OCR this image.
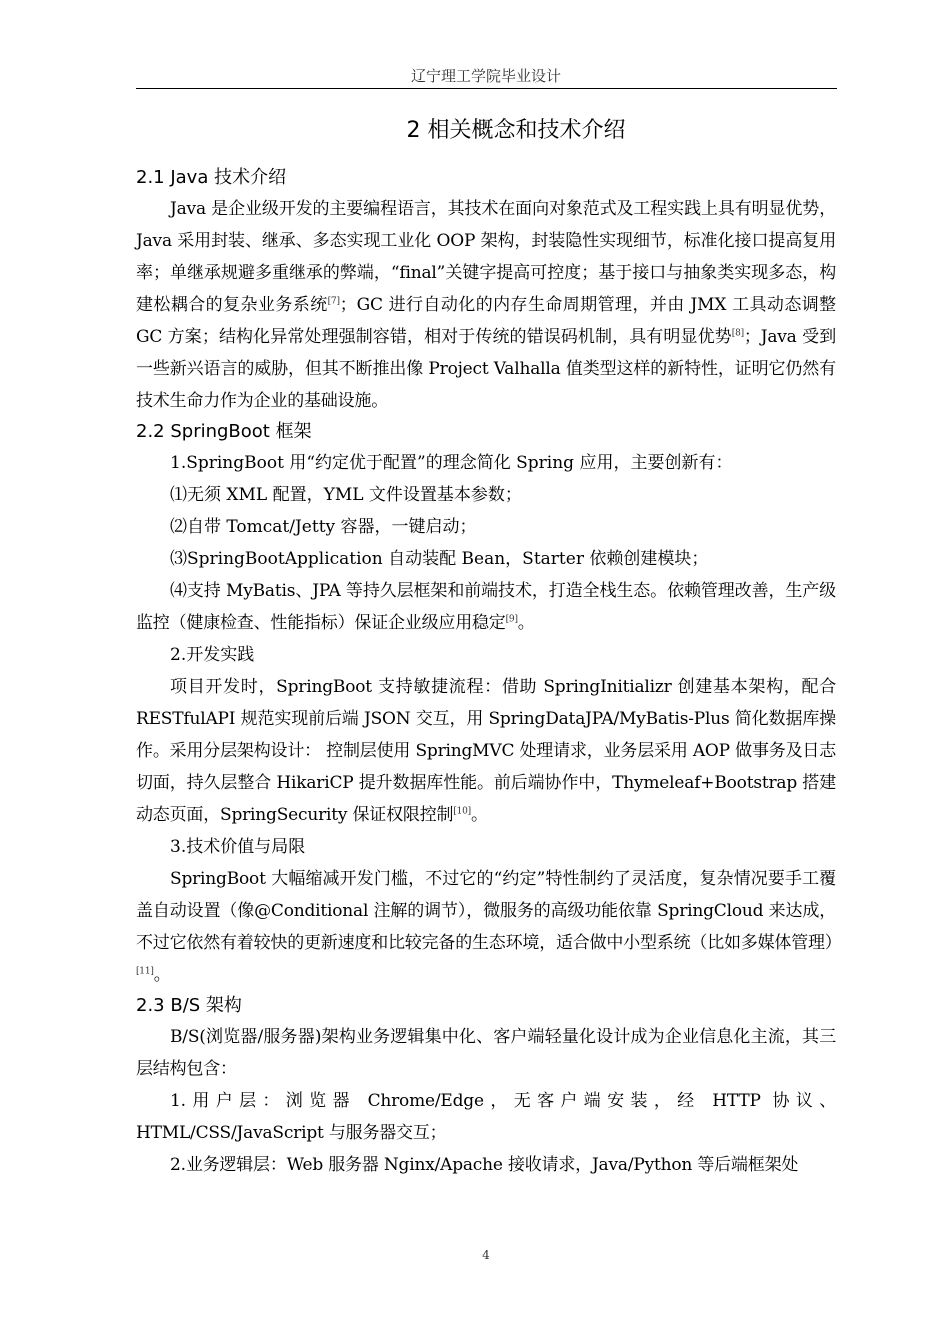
辽宁理工学院毕业设计
2 相关概念和技术介绍
2.1 Java 技术介绍

Java 是企业级开发的主要编程语言，其技术在面向对象范式及工程实践上具有明显优势，Java 采用封装、继承、多态实现工业化 OOP 架构，封装隐性实现细节，标准化接口提高复用率；单继承规避多重继承的弊端，“final”关键字提高可控度；基于接口与抽象类实现多态，构建松耦合的复杂业务系统[7]；GC 进行自动化的内存生命周期管理，并由 JMX 工具动态调整 GC 方案；结构化异常处理强制容错，相对于传统的错误码机制，具有明显优势[8]；Java 受到一些新兴语言的威胁，但其不断推出像 Project Valhalla 值类型这样的新特性，证明它仍然有技术生命力作为企业的基础设施。

2.2 SpringBoot 框架

1.SpringBoot 用“约定优于配置”的理念简化 Spring 应用，主要创新有：

⑴无须 XML 配置，YML 文件设置基本参数；

⑵自带 Tomcat/Jetty 容器，一键启动；

⑶SpringBootApplication 自动装配 Bean，Starter 依赖创建模块；

⑷支持 MyBatis、JPA 等持久层框架和前端技术，打造全栈生态。依赖管理改善，生产级监控（健康检查、性能指标）保证企业级应用稳定[9]。

2.开发实践

项目开发时，SpringBoot 支持敏捷流程：借助 SpringInitializr 创建基本架构，配合 RESTfulAPI 规范实现前后端 JSON 交互，用 SpringDataJPA/MyBatis-Plus 简化数据库操作。采用分层架构设计： 控制层使用 SpringMVC 处理请求，业务层采用 AOP 做事务及日志切面，持久层整合 HikariCP 提升数据库性能。前后端协作中，Thymeleaf+Bootstrap 搭建动态页面，SpringSecurity 保证权限控制[10]。

3.技术价值与局限

SpringBoot 大幅缩减开发门槛，不过它的“约定”特性制约了灵活度，复杂情况要手工覆盖自动设置（像@Conditional 注解的调节），微服务的高级功能依靠 SpringCloud 来达成，不过它依然有着较快的更新速度和比较完备的生态环境，适合做中小型系统（比如多媒体管理）[11]。

2.3 B/S 架构

B/S(浏览器/服务器)架构业务逻辑集中化、客户端轻量化设计成为企业信息化主流，其三层结构包含：

1.用户层：浏览器 Chrome/Edge，无客户端安装，经 HTTP 协议、HTML/CSS/JavaScript 与服务器交互；

2.业务逻辑层：Web 服务器 Nginx/Apache 接收请求，Java/Python 等后端框架处

4
